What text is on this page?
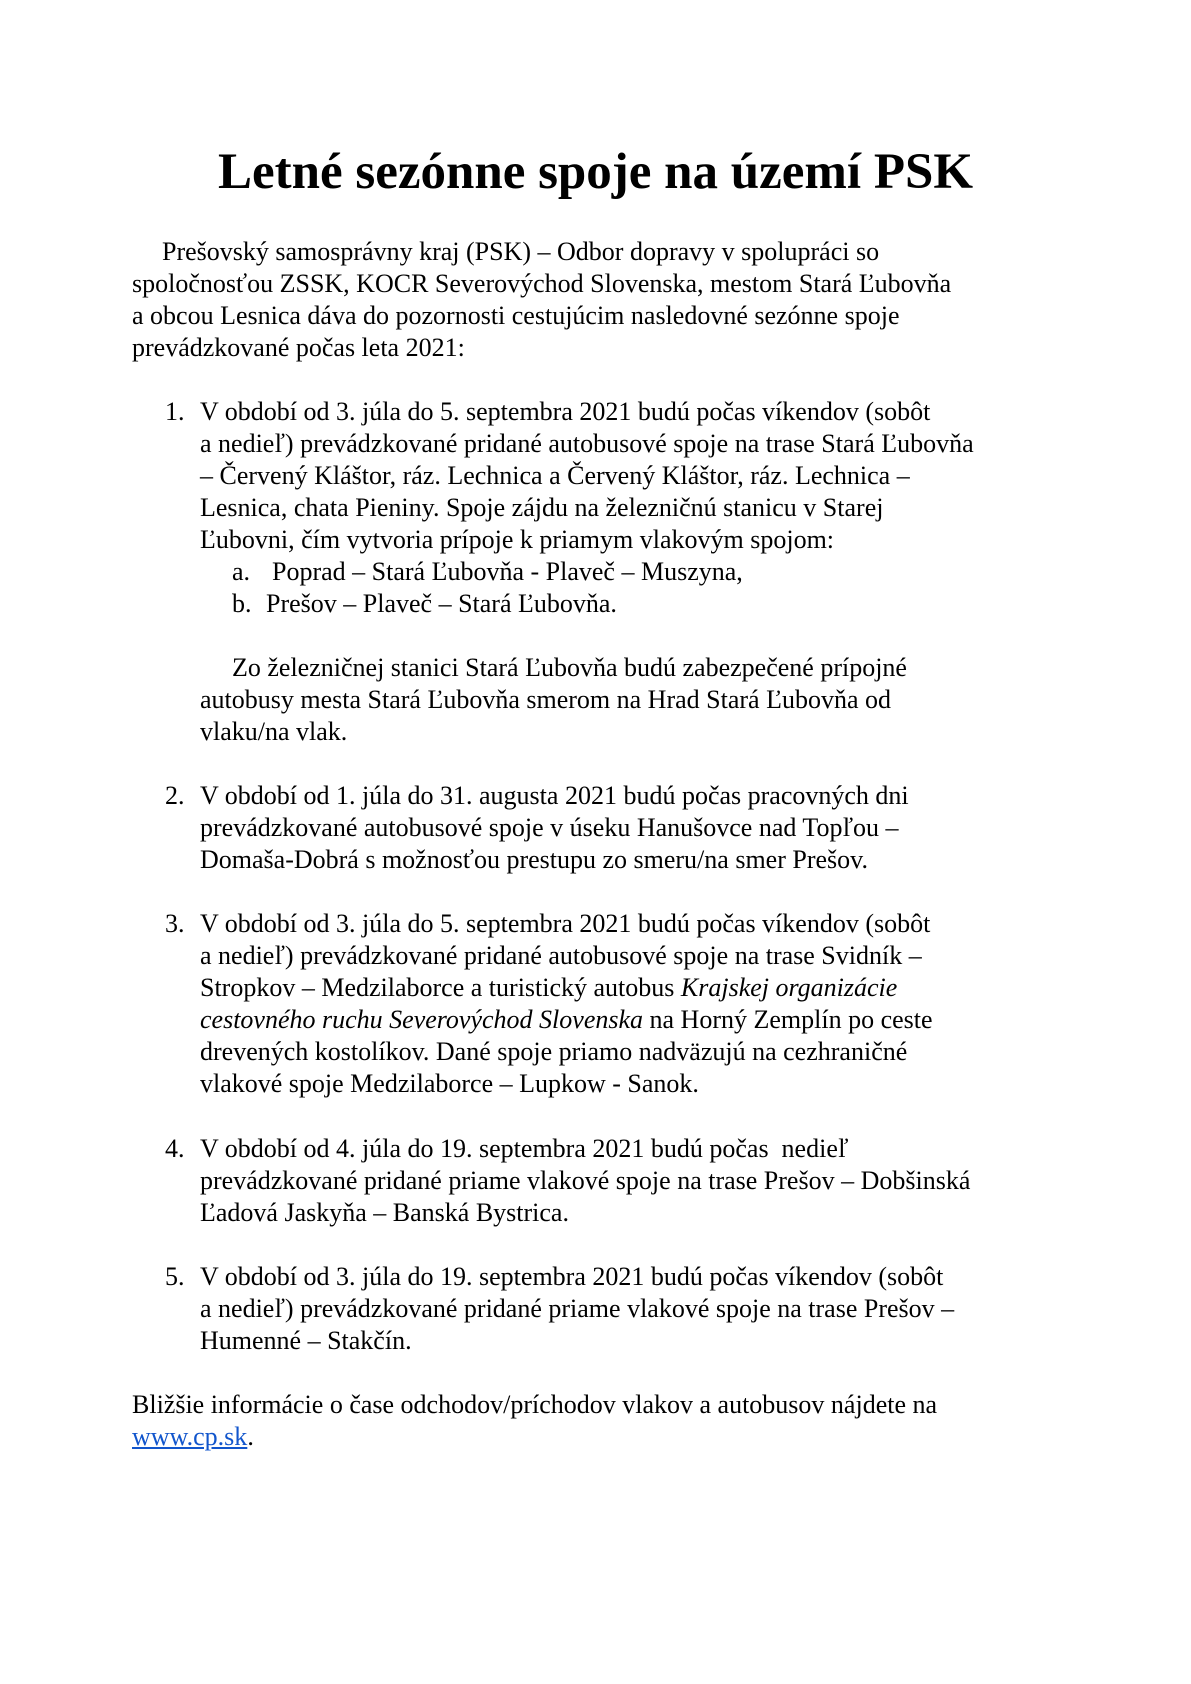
Letné sezónne spoje na území PSK

Prešovský samosprávny kraj (PSK) – Odbor dopravy v spolupráci so

spoločnosťou ZSSK, KOCR Severovýchod Slovenska, mestom Stará Ľubovňa

a obcou Lesnica dáva do pozornosti cestujúcim nasledovné sezónne spoje

prevádzkované počas leta 2021:

1. V období od 3. júla do 5. septembra 2021 budú počas víkendov (sobôt

a nedieľ) prevádzkované pridané autobusové spoje na trase Stará Ľubovňa

– Červený Kláštor, ráz. Lechnica a Červený Kláštor, ráz. Lechnica –

Lesnica, chata Pieniny. Spoje zájdu na železničnú stanicu v Starej

Ľubovni, čím vytvoria prípoje k priamym vlakovým spojom:

a. Poprad – Stará Ľubovňa - Plaveč – Muszyna,

b. Prešov – Plaveč – Stará Ľubovňa.

Zo železničnej stanici Stará Ľubovňa budú zabezpečené prípojné

autobusy mesta Stará Ľubovňa smerom na Hrad Stará Ľubovňa od

vlaku/na vlak.

2. V období od 1. júla do 31. augusta 2021 budú počas pracovných dni

prevádzkované autobusové spoje v úseku Hanušovce nad Topľou –

Domaša-Dobrá s možnosťou prestupu zo smeru/na smer Prešov.

3. V období od 3. júla do 5. septembra 2021 budú počas víkendov (sobôt

a nedieľ) prevádzkované pridané autobusové spoje na trase Svidník –

Stropkov – Medzilaborce a turistický autobus Krajskej organizácie

cestovného ruchu Severovýchod Slovenska na Horný Zemplín po ceste

drevených kostolíkov. Dané spoje priamo nadväzujú na cezhraničné

vlakové spoje Medzilaborce – Lupkow - Sanok.

4. V období od 4. júla do 19. septembra 2021 budú počas  nedieľ

prevádzkované pridané priame vlakové spoje na trase Prešov – Dobšinská

Ľadová Jaskyňa – Banská Bystrica.

5. V období od 3. júla do 19. septembra 2021 budú počas víkendov (sobôt

a nedieľ) prevádzkované pridané priame vlakové spoje na trase Prešov –

Humenné – Stakčín.

Bližšie informácie o čase odchodov/príchodov vlakov a autobusov nájdete na

www.cp.sk.
